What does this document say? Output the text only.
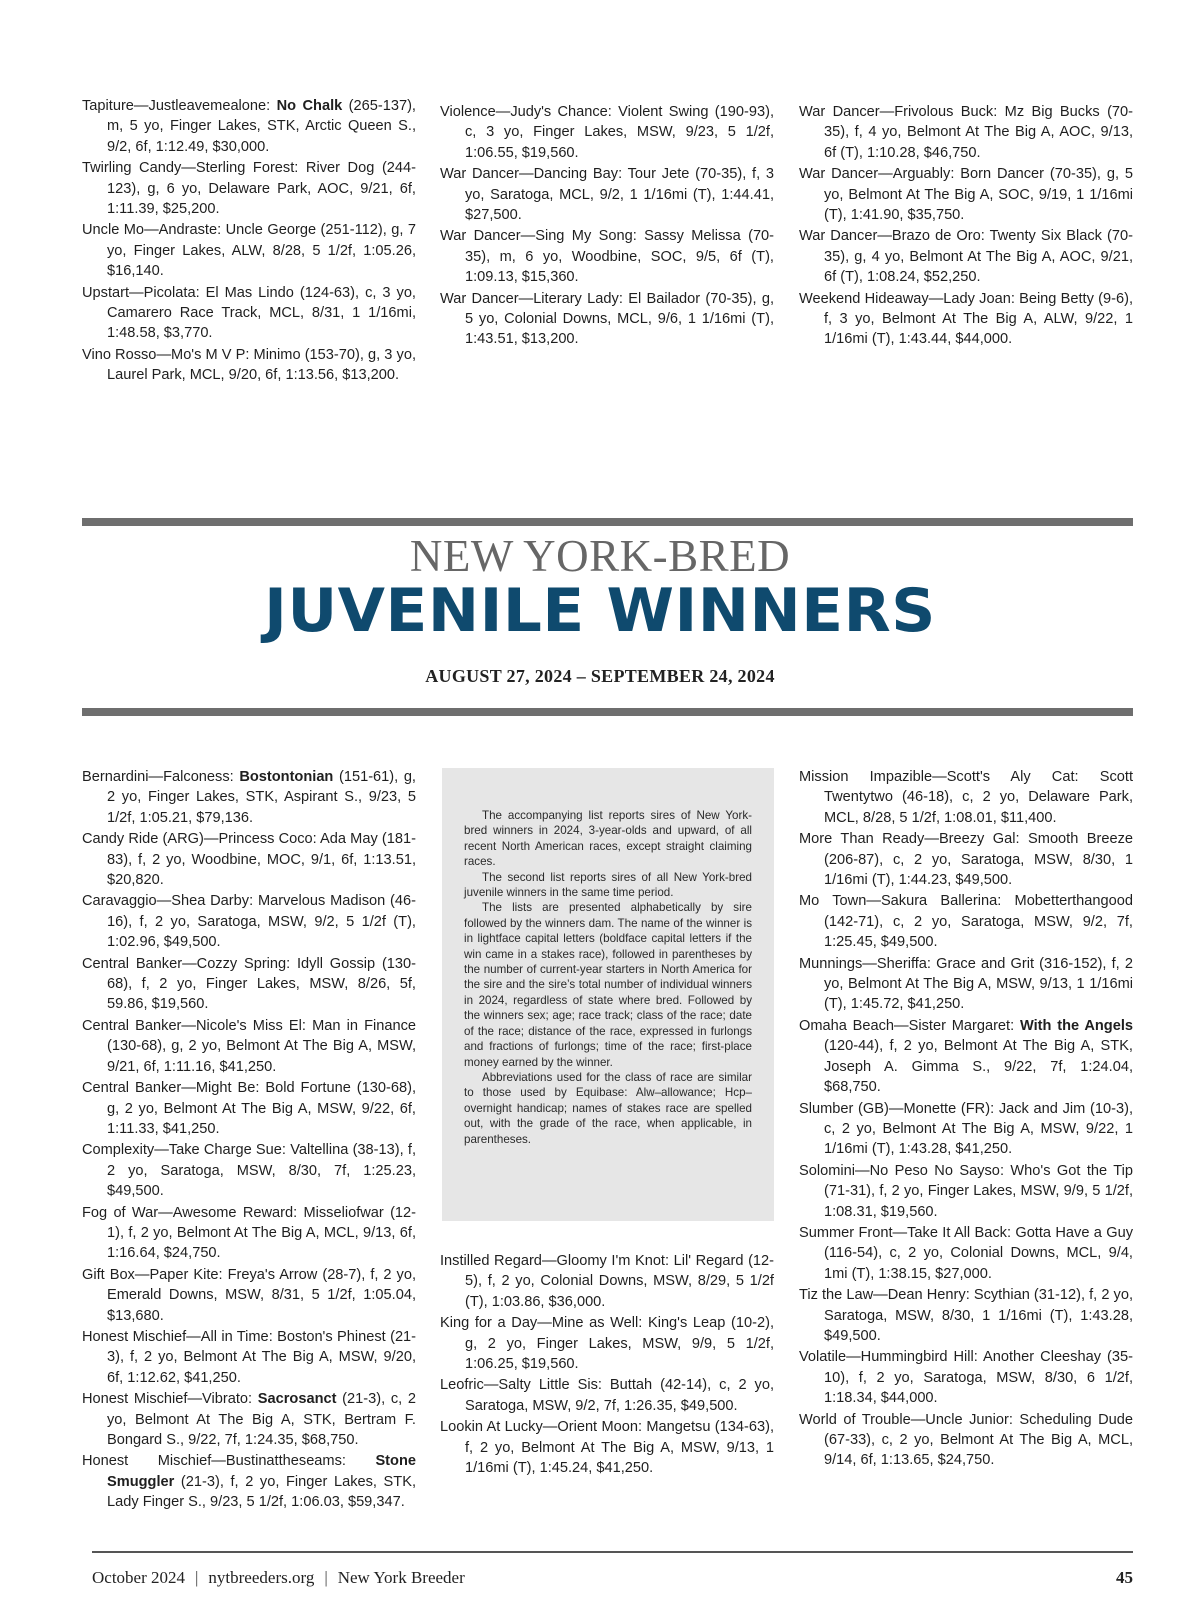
Tapiture—Justleavemealone: No Chalk (265-137), m, 5 yo, Finger Lakes, STK, Arctic Queen S., 9/2, 6f, 1:12.49, $30,000.

Twirling Candy—Sterling Forest: River Dog (244-123), g, 6 yo, Delaware Park, AOC, 9/21, 6f, 1:11.39, $25,200.

Uncle Mo—Andraste: Uncle George (251-112), g, 7 yo, Finger Lakes, ALW, 8/28, 5 1/2f, 1:05.26, $16,140.

Upstart—Picolata: El Mas Lindo (124-63), c, 3 yo, Camarero Race Track, MCL, 8/31, 1 1/16mi, 1:48.58, $3,770.

Vino Rosso—Mo's M V P: Minimo (153-70), g, 3 yo, Laurel Park, MCL, 9/20, 6f, 1:13.56, $13,200.

Violence—Judy's Chance: Violent Swing (190-93), c, 3 yo, Finger Lakes, MSW, 9/23, 5 1/2f, 1:06.55, $19,560.

War Dancer—Dancing Bay: Tour Jete (70-35), f, 3 yo, Saratoga, MCL, 9/2, 1 1/16mi (T), 1:44.41, $27,500.

War Dancer—Sing My Song: Sassy Melissa (70-35), m, 6 yo, Woodbine, SOC, 9/5, 6f (T), 1:09.13, $15,360.

War Dancer—Literary Lady: El Bailador (70-35), g, 5 yo, Colonial Downs, MCL, 9/6, 1 1/16mi (T), 1:43.51, $13,200.

War Dancer—Frivolous Buck: Mz Big Bucks (70-35), f, 4 yo, Belmont At The Big A, AOC, 9/13, 6f (T), 1:10.28, $46,750.

War Dancer—Arguably: Born Dancer (70-35), g, 5 yo, Belmont At The Big A, SOC, 9/19, 1 1/16mi (T), 1:41.90, $35,750.

War Dancer—Brazo de Oro: Twenty Six Black (70-35), g, 4 yo, Belmont At The Big A, AOC, 9/21, 6f (T), 1:08.24, $52,250.

Weekend Hideaway—Lady Joan: Being Betty (9-6), f, 3 yo, Belmont At The Big A, ALW, 9/22, 1 1/16mi (T), 1:43.44, $44,000.

NEW YORK-BRED
JUVENILE WINNERS
AUGUST 27, 2024 – SEPTEMBER 24, 2024

Bernardini—Falconess: Bostontonian (151-61), g, 2 yo, Finger Lakes, STK, Aspirant S., 9/23, 5 1/2f, 1:05.21, $79,136.

Candy Ride (ARG)—Princess Coco: Ada May (181-83), f, 2 yo, Woodbine, MOC, 9/1, 6f, 1:13.51, $20,820.

Caravaggio—Shea Darby: Marvelous Madison (46-16), f, 2 yo, Saratoga, MSW, 9/2, 5 1/2f (T), 1:02.96, $49,500.

Central Banker—Cozzy Spring: Idyll Gossip (130-68), f, 2 yo, Finger Lakes, MSW, 8/26, 5f, 59.86, $19,560.

Central Banker—Nicole's Miss El: Man in Finance (130-68), g, 2 yo, Belmont At The Big A, MSW, 9/21, 6f, 1:11.16, $41,250.

Central Banker—Might Be: Bold Fortune (130-68), g, 2 yo, Belmont At The Big A, MSW, 9/22, 6f, 1:11.33, $41,250.

Complexity—Take Charge Sue: Valtellina (38-13), f, 2 yo, Saratoga, MSW, 8/30, 7f, 1:25.23, $49,500.

Fog of War—Awesome Reward: Misseliofwar (12-1), f, 2 yo, Belmont At The Big A, MCL, 9/13, 6f, 1:16.64, $24,750.

Gift Box—Paper Kite: Freya's Arrow (28-7), f, 2 yo, Emerald Downs, MSW, 8/31, 5 1/2f, 1:05.04, $13,680.

Honest Mischief—All in Time: Boston's Phinest (21-3), f, 2 yo, Belmont At The Big A, MSW, 9/20, 6f, 1:12.62, $41,250.

Honest Mischief—Vibrato: Sacrosanct (21-3), c, 2 yo, Belmont At The Big A, STK, Bertram F. Bongard S., 9/22, 7f, 1:24.35, $68,750.

Honest Mischief—Bustinattheseams: Stone Smuggler (21-3), f, 2 yo, Finger Lakes, STK, Lady Finger S., 9/23, 5 1/2f, 1:06.03, $59,347.

The accompanying list reports sires of New York-bred winners in 2024, 3-year-olds and upward, of all recent North American races, except straight claiming races.

The second list reports sires of all New York-bred juvenile winners in the same time period.

The lists are presented alphabetically by sire followed by the winners dam. The name of the winner is in lightface capital letters (boldface capital letters if the win came in a stakes race), followed in parentheses by the number of current-year starters in North America for the sire and the sire’s total number of individual winners in 2024, regardless of state where bred. Followed by the winners sex; age; race track; class of the race; date of the race; distance of the race, expressed in furlongs and fractions of furlongs; time of the race; first-place money earned by the winner.

Abbreviations used for the class of race are similar to those used by Equibase: Alw–allowance; Hcp–overnight handicap; names of stakes race are spelled out, with the grade of the race, when applicable, in parentheses.

Instilled Regard—Gloomy I'm Knot: Lil' Regard (12-5), f, 2 yo, Colonial Downs, MSW, 8/29, 5 1/2f (T), 1:03.86, $36,000.

King for a Day—Mine as Well: King's Leap (10-2), g, 2 yo, Finger Lakes, MSW, 9/9, 5 1/2f, 1:06.25, $19,560.

Leofric—Salty Little Sis: Buttah (42-14), c, 2 yo, Saratoga, MSW, 9/2, 7f, 1:26.35, $49,500.

Lookin At Lucky—Orient Moon: Mangetsu (134-63), f, 2 yo, Belmont At The Big A, MSW, 9/13, 1 1/16mi (T), 1:45.24, $41,250.

Mission Impazible—Scott's Aly Cat: Scott Twentytwo (46-18), c, 2 yo, Delaware Park, MCL, 8/28, 5 1/2f, 1:08.01, $11,400.

More Than Ready—Breezy Gal: Smooth Breeze (206-87), c, 2 yo, Saratoga, MSW, 8/30, 1 1/16mi (T), 1:44.23, $49,500.

Mo Town—Sakura Ballerina: Mobetterthangood (142-71), c, 2 yo, Saratoga, MSW, 9/2, 7f, 1:25.45, $49,500.

Munnings—Sheriffa: Grace and Grit (316-152), f, 2 yo, Belmont At The Big A, MSW, 9/13, 1 1/16mi (T), 1:45.72, $41,250.

Omaha Beach—Sister Margaret: With the Angels (120-44), f, 2 yo, Belmont At The Big A, STK, Joseph A. Gimma S., 9/22, 7f, 1:24.04, $68,750.

Slumber (GB)—Monette (FR): Jack and Jim (10-3), c, 2 yo, Belmont At The Big A, MSW, 9/22, 1 1/16mi (T), 1:43.28, $41,250.

Solomini—No Peso No Sayso: Who's Got the Tip (71-31), f, 2 yo, Finger Lakes, MSW, 9/9, 5 1/2f, 1:08.31, $19,560.

Summer Front—Take It All Back: Gotta Have a Guy (116-54), c, 2 yo, Colonial Downs, MCL, 9/4, 1mi (T), 1:38.15, $27,000.

Tiz the Law—Dean Henry: Scythian (31-12), f, 2 yo, Saratoga, MSW, 8/30, 1 1/16mi (T), 1:43.28, $49,500.

Volatile—Hummingbird Hill: Another Cleeshay (35-10), f, 2 yo, Saratoga, MSW, 8/30, 6 1/2f, 1:18.34, $44,000.

World of Trouble—Uncle Junior: Scheduling Dude (67-33), c, 2 yo, Belmont At The Big A, MCL, 9/14, 6f, 1:13.65, $24,750.

October 2024 | nytbreeders.org | New York Breeder	45
